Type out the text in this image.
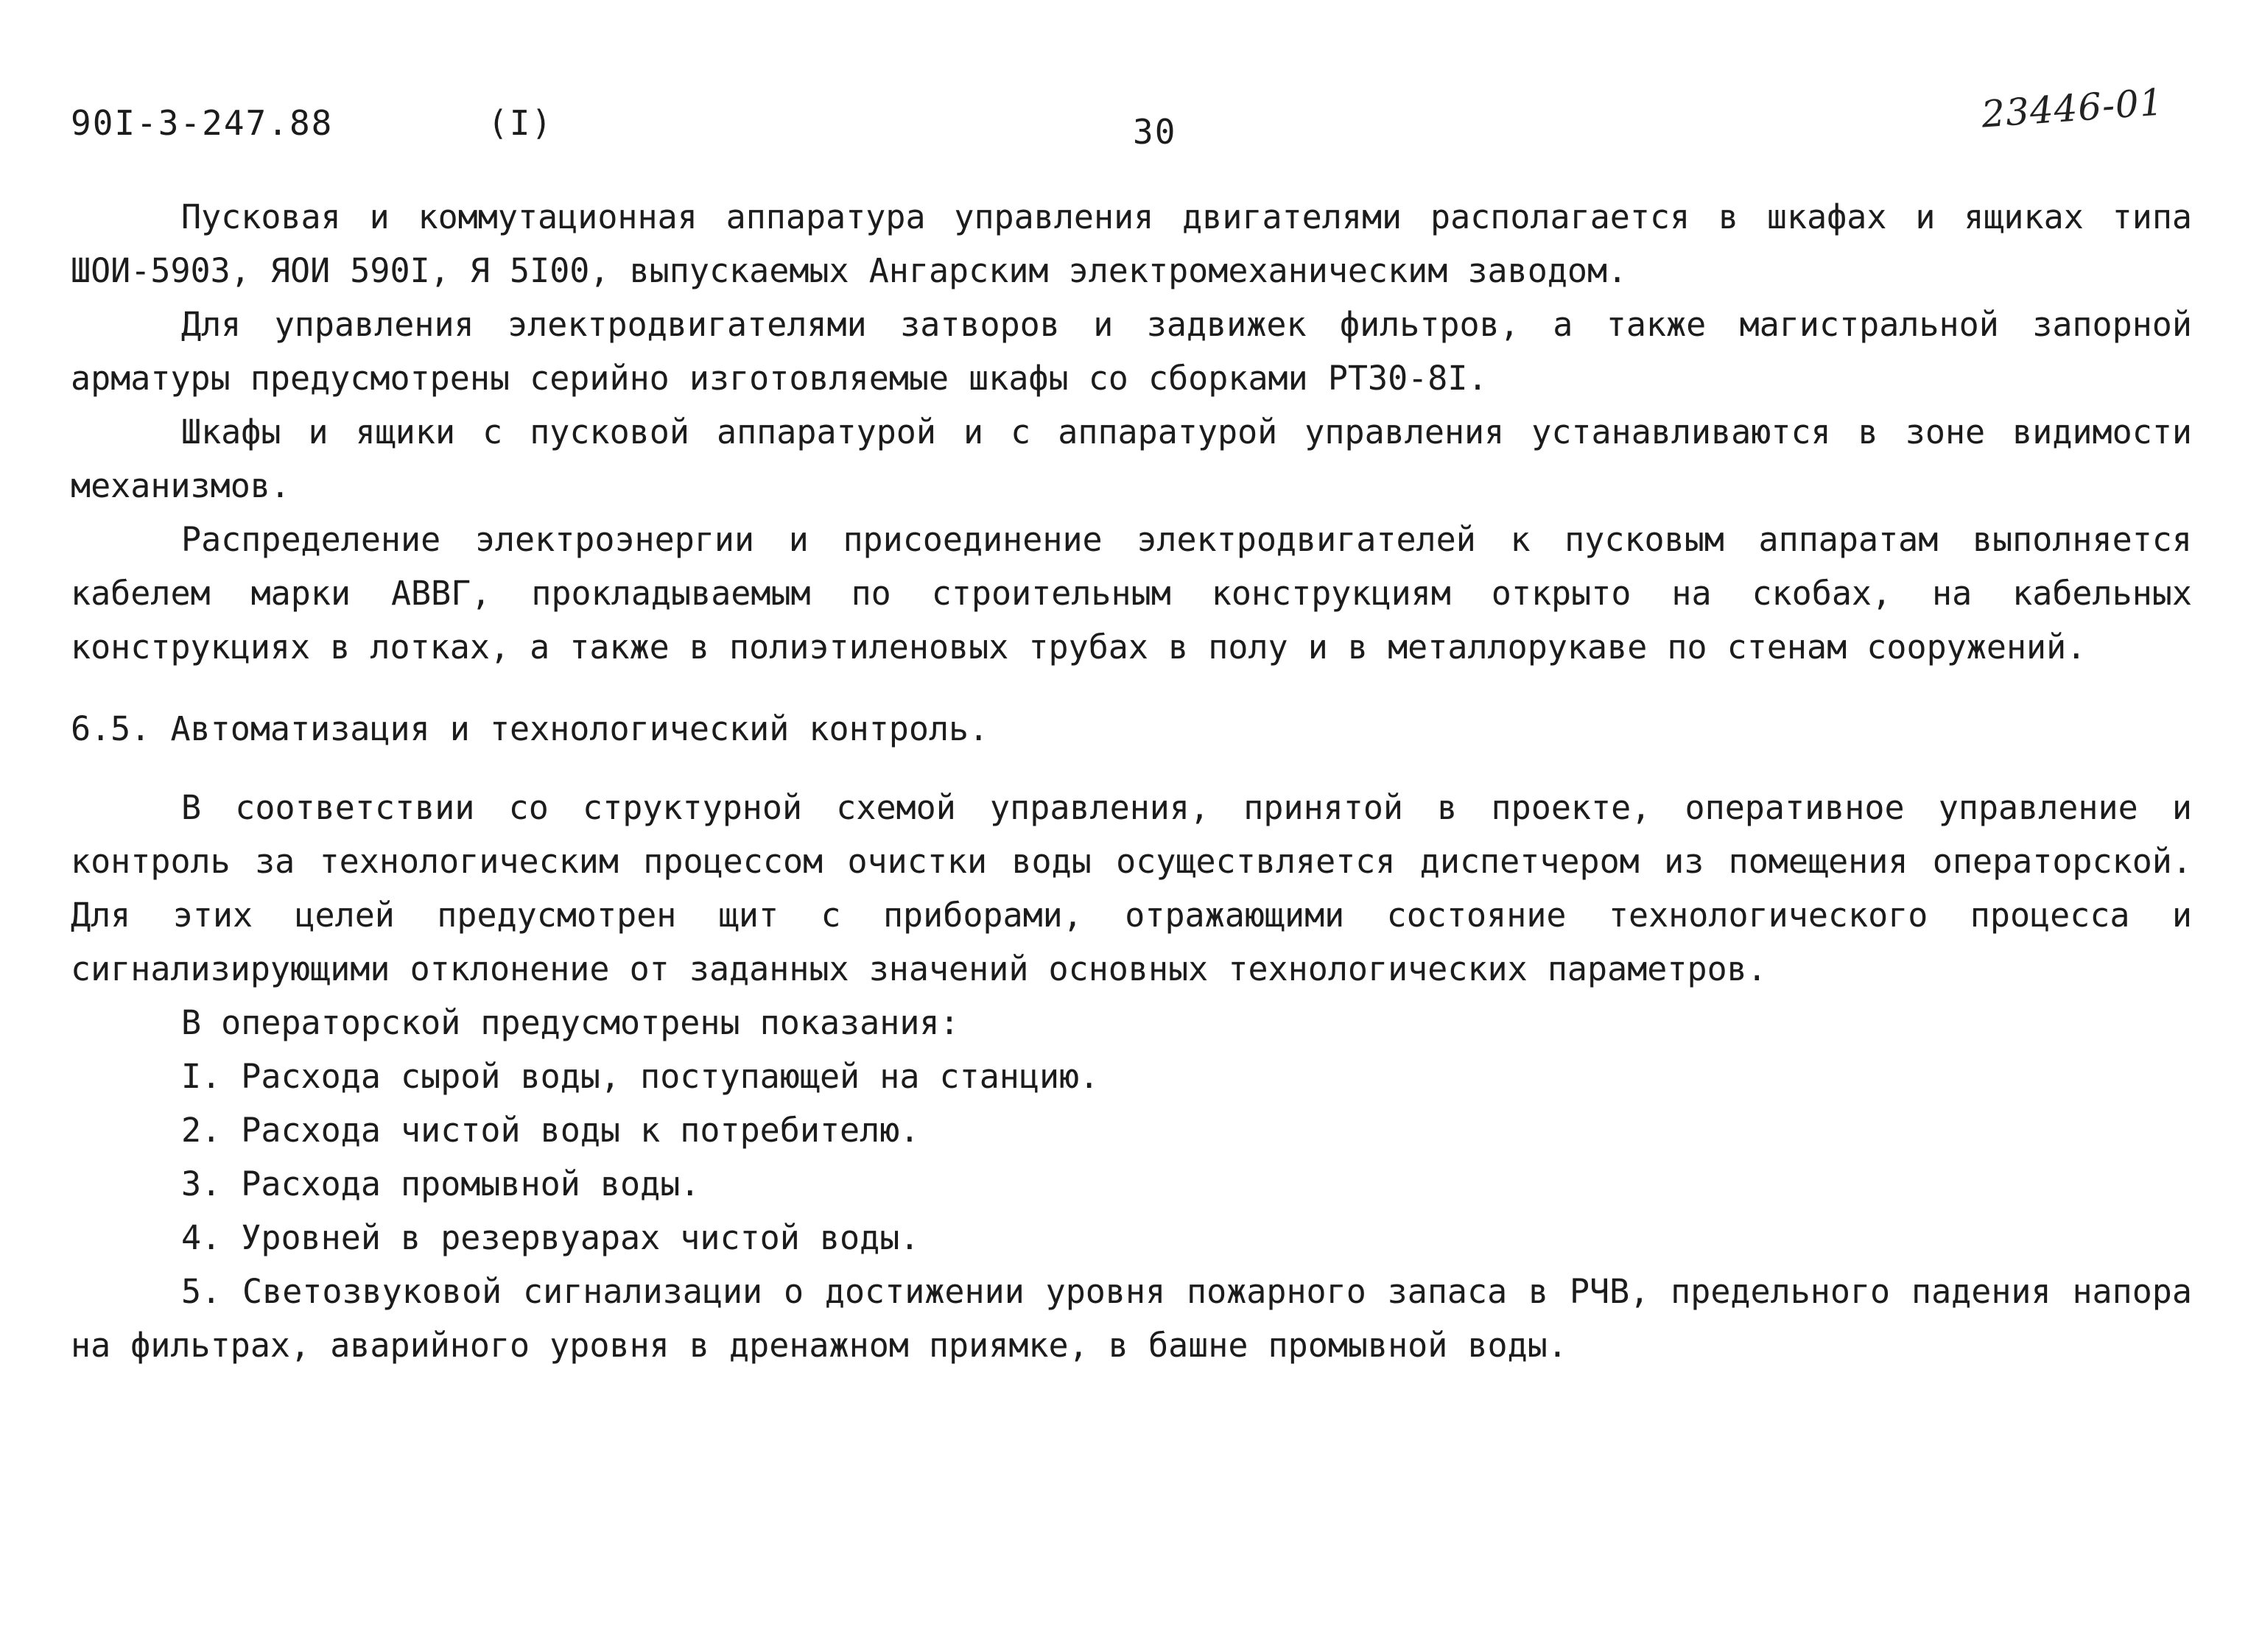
90I-3-247.88	(I)	30	23446-01

Пусковая и коммутационная аппаратура управления двигателями располагается в шкафах и ящиках типа ШОИ-5903, ЯОИ 590I, Я 5I00, выпускаемых Ангарским электромеханическим заводом.

Для управления электродвигателями затворов и задвижек фильтров, а также магистральной запорной арматуры предусмотрены серийно изготовляемые шкафы со сборками РТЗ0-8I.

Шкафы и ящики с пусковой аппаратурой и с аппаратурой управления устанавливаются в зоне видимости механизмов.

Распределение электроэнергии и присоединение электродвигателей к пусковым аппаратам выполняется кабелем марки АВВГ, прокладываемым по строительным конструкциям открыто на скобах, на кабельных конструкциях в лотках, а также в полиэтиленовых трубах в полу и в металлорукаве по стенам сооружений.

6.5. Автоматизация и технологический контроль.

В соответствии со структурной схемой управления, принятой в проекте, оперативное управление и контроль за технологическим процессом очистки воды осуществляется диспетчером из помещения операторской. Для этих целей предусмотрен щит с приборами, отражающими состояние технологического процесса и сигнализирующими отклонение от заданных значений основных технологических параметров.

В операторской предусмотрены показания:

I. Расхода сырой воды, поступающей на станцию.

2. Расхода чистой воды к потребителю.

3. Расхода промывной воды.

4. Уровней в резервуарах чистой воды.

5. Светозвуковой сигнализации о достижении уровня пожарного запаса в РЧВ, предельного падения напора на фильтрах, аварийного уровня в дренажном приямке, в башне промывной воды.
